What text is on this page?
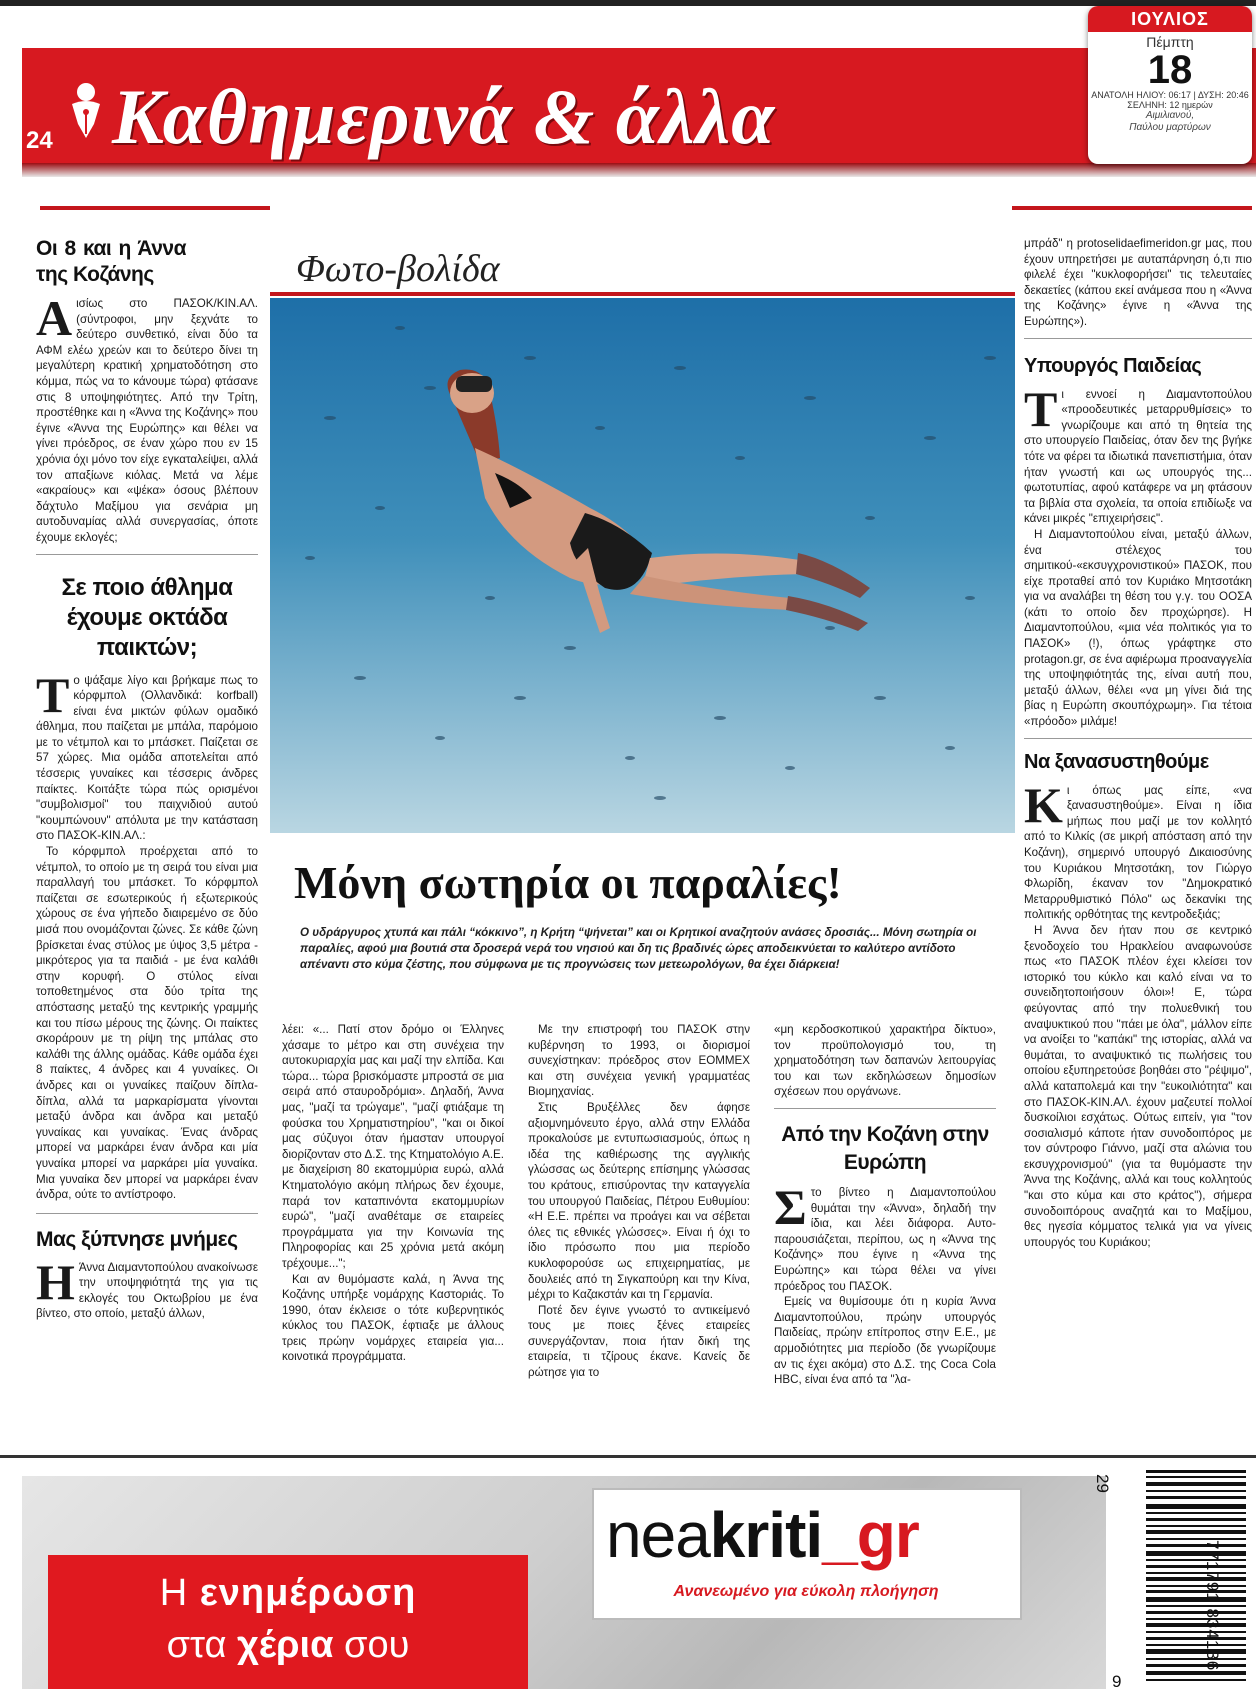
24 Καθημερινά & άλλα
ΙΟΥΛΙΟΣ
Πέμπτη
18
ΑΝΑΤΟΛΗ ΗΛΙΟΥ: 06:17 | ΔΥΣΗ: 20:46
ΣΕΛΗΝΗ: 12 ημερών
Αιμιλιανού,
Παύλου μαρτύρων
Οι 8 και η Άννα της Κοζάνης

Αισίως στο ΠΑΣΟΚ/ΚΙΝ.ΑΛ. (σύντροφοι, μην ξεχνάτε το δεύτερο συνθετικό, είναι δύο τα ΑΦΜ ελέω χρεών και το δεύτερο δίνει τη μεγαλύτερη κρατική χρηματοδότηση στο κόμμα, πώς να το κάνουμε τώρα) φτάσανε στις 8 υποψηφιότητες. Από την Τρίτη, προστέθηκε και η «Άννα της Κοζάνης» που έγινε «Άννα της Ευρώπης» και θέλει να γίνει πρόεδρος, σε έναν χώρο που εν 15 χρόνια όχι μόνο τον είχε εγκαταλείψει, αλλά τον απαξίωνε κιόλας. Μετά να λέμε «ακραίους» και «ψέκα» όσους βλέπουν δάχτυλο Μαξίμου για σενάρια μη αυτοδυναμίας αλλά συνεργασίας, όποτε έχουμε εκλογές;

Σε ποιο άθλημα έχουμε οκτάδα παικτών;

Το ψάξαμε λίγο και βρήκαμε πως το κόρφμπολ (Ολλανδικά: korfball) είναι ένα μικτών φύλων ομαδικό άθλημα, που παίζεται με μπάλα, παρόμοιο με το νέτμπολ και το μπάσκετ. Παίζεται σε 57 χώρες. Μια ομάδα αποτελείται από τέσσερις γυναίκες και τέσσερις άνδρες παίκτες. Κοιτάξτε τώρα πώς ορισμένοι "συμβολισμοί" του παιχνιδιού αυτού "κουμπώνουν" απόλυτα με την κατάσταση στο ΠΑΣΟΚ-ΚΙΝ.ΑΛ.:

Το κόρφμπολ προέρχεται από το νέτμπολ, το οποίο με τη σειρά του είναι μια παραλλαγή του μπάσκετ. Το κόρφμπολ παίζεται σε εσωτερικούς ή εξωτερικούς χώρους σε ένα γήπεδο διαιρεμένο σε δύο μισά που ονομάζονται ζώνες. Σε κάθε ζώνη βρίσκεται ένας στύλος με ύψος 3,5 μέτρα - μικρότερος για τα παιδιά - με ένα καλάθι στην κορυφή. Ο στύλος είναι τοποθετημένος στα δύο τρίτα της απόστασης μεταξύ της κεντρικής γραμμής και του πίσω μέρους της ζώνης. Οι παίκτες σκοράρουν με τη ρίψη της μπάλας στο καλάθι της άλλης ομάδας. Κάθε ομάδα έχει 8 παίκτες, 4 άνδρες και 4 γυναίκες. Οι άνδρες και οι γυναίκες παίζουν δίπλα-δίπλα, αλλά τα μαρκαρίσματα γίνονται μεταξύ άνδρα και άνδρα και μεταξύ γυναίκας και γυναίκας. Ένας άνδρας μπορεί να μαρκάρει έναν άνδρα και μία γυναίκα μπορεί να μαρκάρει μία γυναίκα. Μια γυναίκα δεν μπορεί να μαρκάρει έναν άνδρα, ούτε το αντίστροφο.

Μας ξύπνησε μνήμες

Η Άννα Διαμαντοπούλου ανακοίνωσε την υποψηφιότητά της για τις εκλογές του Οκτωβρίου με ένα βίντεο, στο οποίο, μεταξύ άλλων,

Φωτο-βολίδα
Μόνη σωτηρία οι παραλίες!
Ο υδράργυρος χτυπά και πάλι “κόκκινο”, η Κρήτη “ψήνεται” και οι Κρητικοί αναζητούν ανάσες δροσιάς... Μόνη σωτηρία οι παραλίες, αφού μια βουτιά στα δροσερά νερά του νησιού και δη τις βραδινές ώρες αποδεικνύεται το καλύτερο αντίδοτο απέναντι στο κύμα ζέστης, που σύμφωνα με τις προγνώσεις των μετεωρολόγων, θα έχει διάρκεια!

λέει: «... Πατί στον δρόμο οι Έλληνες χάσαμε το μέτρο και στη συνέχεια την αυτοκυριαρχία μας και μαζί την ελπίδα. Και τώρα... τώρα βρισκόμαστε μπροστά σε μια σειρά από σταυροδρόμια». Δηλαδή, Άννα μας, "μαζί τα τρώγαμε", "μαζί φτιάξαμε τη φούσκα του Χρηματιστηρίου", "και οι δικοί μας σύζυγοι όταν ήμασταν υπουργοί διορίζονταν στο Δ.Σ. της Κτηματολόγιο Α.Ε. με διαχείριση 80 εκατομμύρια ευρώ, αλλά Κτηματολόγιο ακόμη πλήρως δεν έχουμε, παρά τον καταπινόντα εκατομμυρίων ευρώ", "μαζί αναθέταμε σε εταιρείες προγράμματα για την Κοινωνία της Πληροφορίας και 25 χρόνια μετά ακόμη τρέχουμε...";

Και αν θυμόμαστε καλά, η Άννα της Κοζάνης υπήρξε νομάρχης Καστοριάς. Το 1990, όταν έκλεισε ο τότε κυβερνητικός κύκλος του ΠΑΣΟΚ, έφτιαξε με άλλους τρεις πρώην νομάρχες εταιρεία για... κοινοτικά προγράμματα.

Με την επιστροφή του ΠΑΣΟΚ στην κυβέρνηση το 1993, οι διορισμοί συνεχίστηκαν: πρόεδρος στον ΕΟΜΜΕΧ και στη συνέχεια γενική γραμματέας Βιομηχανίας.

Στις Βρυξέλλες δεν άφησε αξιομνημόνευτο έργο, αλλά στην Ελλάδα προκαλούσε με εντυπωσιασμούς, όπως η ιδέα της καθιέρωσης της αγγλικής γλώσσας ως δεύτερης επίσημης γλώσσας του κράτους, επισύροντας την καταγγελία του υπουργού Παιδείας, Πέτρου Ευθυμίου: «Η Ε.Ε. πρέπει να προάγει και να σέβεται όλες τις εθνικές γλώσσες». Είναι ή όχι το ίδιο πρόσωπο που μια περίοδο κυκλοφορούσε ως επιχειρηματίας, με δουλειές από τη Σιγκαπούρη και την Κίνα, μέχρι το Καζακστάν και τη Γερμανία.

Ποτέ δεν έγινε γνωστό το αντικείμενό τους με ποιες ξένες εταιρείες συνεργάζονταν, ποια ήταν δική της εταιρεία, τι τζίρους έκανε. Κανείς δε ρώτησε για το

«μη κερδοσκοπικού χαρακτήρα δίκτυο», τον προϋπολογισμό του, τη χρηματοδότηση των δαπανών λειτουργίας του και των εκδηλώσεων δημοσίων σχέσεων που οργάνωνε.

Από την Κοζάνη στην Ευρώπη

Στο βίντεο η Διαμαντοπούλου θυμάται την «Άννα», δηλαδή την ίδια, και λέει διάφορα. Αυτο-παρουσιάζεται, περίπου, ως η «Άννα της Κοζάνης» που έγινε η «Άννα της Ευρώπης» και τώρα θέλει να γίνει πρόεδρος του ΠΑΣΟΚ.

Εμείς να θυμίσουμε ότι η κυρία Άννα Διαμαντοπούλου, πρώην υπουργός Παιδείας, πρώην επίτροπος στην Ε.Ε., με αρμοδιότητες μια περίοδο (δε γνωρίζουμε αν τις έχει ακόμα) στο Δ.Σ. της Coca Cola HBC, είναι ένα από τα "λα-

μπράδ" η protoselidaefimeridon.gr μας, που έχουν υπηρετήσει με αυταπάρνηση ό,τι πιο φιλελέ έχει "κυκλοφορήσει" τις τελευταίες δεκαετίες (κάπου εκεί ανάμεσα που η «Άννα της Κοζάνης» έγινε η «Άννα της Ευρώπης»).

Υπουργός Παιδείας

Τι εννοεί η Διαμαντοπούλου «προοδευτικές μεταρρυθμίσεις» το γνωρίζουμε και από τη θητεία της στο υπουργείο Παιδείας, όταν δεν της βγήκε τότε να φέρει τα ιδιωτικά πανεπιστήμια, όταν ήταν γνωστή και ως υπουργός της... φωτοτυπίας, αφού κατάφερε να μη φτάσουν τα βιβλία στα σχολεία, τα οποία επιδίωξε να κάνει μικρές "επιχειρήσεις".

Η Διαμαντοπούλου είναι, μεταξύ άλλων, ένα στέλεχος του σημιτικού-«εκσυγχρονιστικού» ΠΑΣΟΚ, που είχε προταθεί από τον Κυριάκο Μητσοτάκη για να αναλάβει τη θέση του γ.γ. του ΟΟΣΑ (κάτι το οποίο δεν προχώρησε). Η Διαμαντοπούλου, «μια νέα πολιτικός για το ΠΑΣΟΚ» (!), όπως γράφτηκε στο protagon.gr, σε ένα αφιέρωμα προαναγγελία της υποψηφιότητάς της, είναι αυτή που, μεταξύ άλλων, θέλει «να μη γίνει διά της βίας η Ευρώπη σκουπόχρωμη». Για τέτοια «πρόοδο» μιλάμε!

Να ξανασυστηθούμε

Κι όπως μας είπε, «να ξανασυστηθούμε». Είναι η ίδια μήπως που μαζί με τον κολλητό από το Κιλκίς (σε μικρή απόσταση από την Κοζάνη), σημερινό υπουργό Δικαιοσύνης του Κυριάκου Μητσοτάκη, τον Γιώργο Φλωρίδη, έκαναν τον "Δημοκρατικό Μεταρρυθμιστικό Πόλο" ως δεκανίκι της πολιτικής ορθότητας της κεντροδεξιάς;

Η Άννα δεν ήταν που σε κεντρικό ξενοδοχείο του Ηρακλείου αναφωνούσε πως «το ΠΑΣΟΚ πλέον έχει κλείσει τον ιστορικό του κύκλο και καλό είναι να το συνειδητοποιήσουν όλοι»! Ε, τώρα φεύγοντας από την πολυεθνική του αναψυκτικού που "πάει με όλα", μάλλον είπε να ανοίξει το "καπάκι" της ιστορίας, αλλά να θυμάται, το αναψυκτικό τις πωλήσεις του οποίου εξυπηρετούσε βοηθάει στο "ρέψιμο", αλλά καταπολεμά και την "ευκοιλιότητα" και στο ΠΑΣΟΚ-ΚΙΝ.ΑΛ. έχουν μαζευτεί πολλοί δυσκοίλιοι εσχάτως. Ούτως ειπείν, για "τον σοσιαλισμό κάποτε ήταν συνοδοιπόρος με τον σύντροφο Γιάννο, μαζί στα αλώνια του εκσυγχρονισμού" (για τα θυμόμαστε την Άννα της Κοζάνης, αλλά και τους κολλητούς "και στο κύμα και στο κράτος"), σήμερα συνοδοιπόρους αναζητά και το Μαξίμου, θες ηγεσία κόμματος τελικά για να γίνεις υπουργός του Κυριάκου;

Η ενημέρωση
στα χέρια σου
neakriti_gr
Ανανεωμένο για εύκολη πλοήγηση
29
771791 834136
9
